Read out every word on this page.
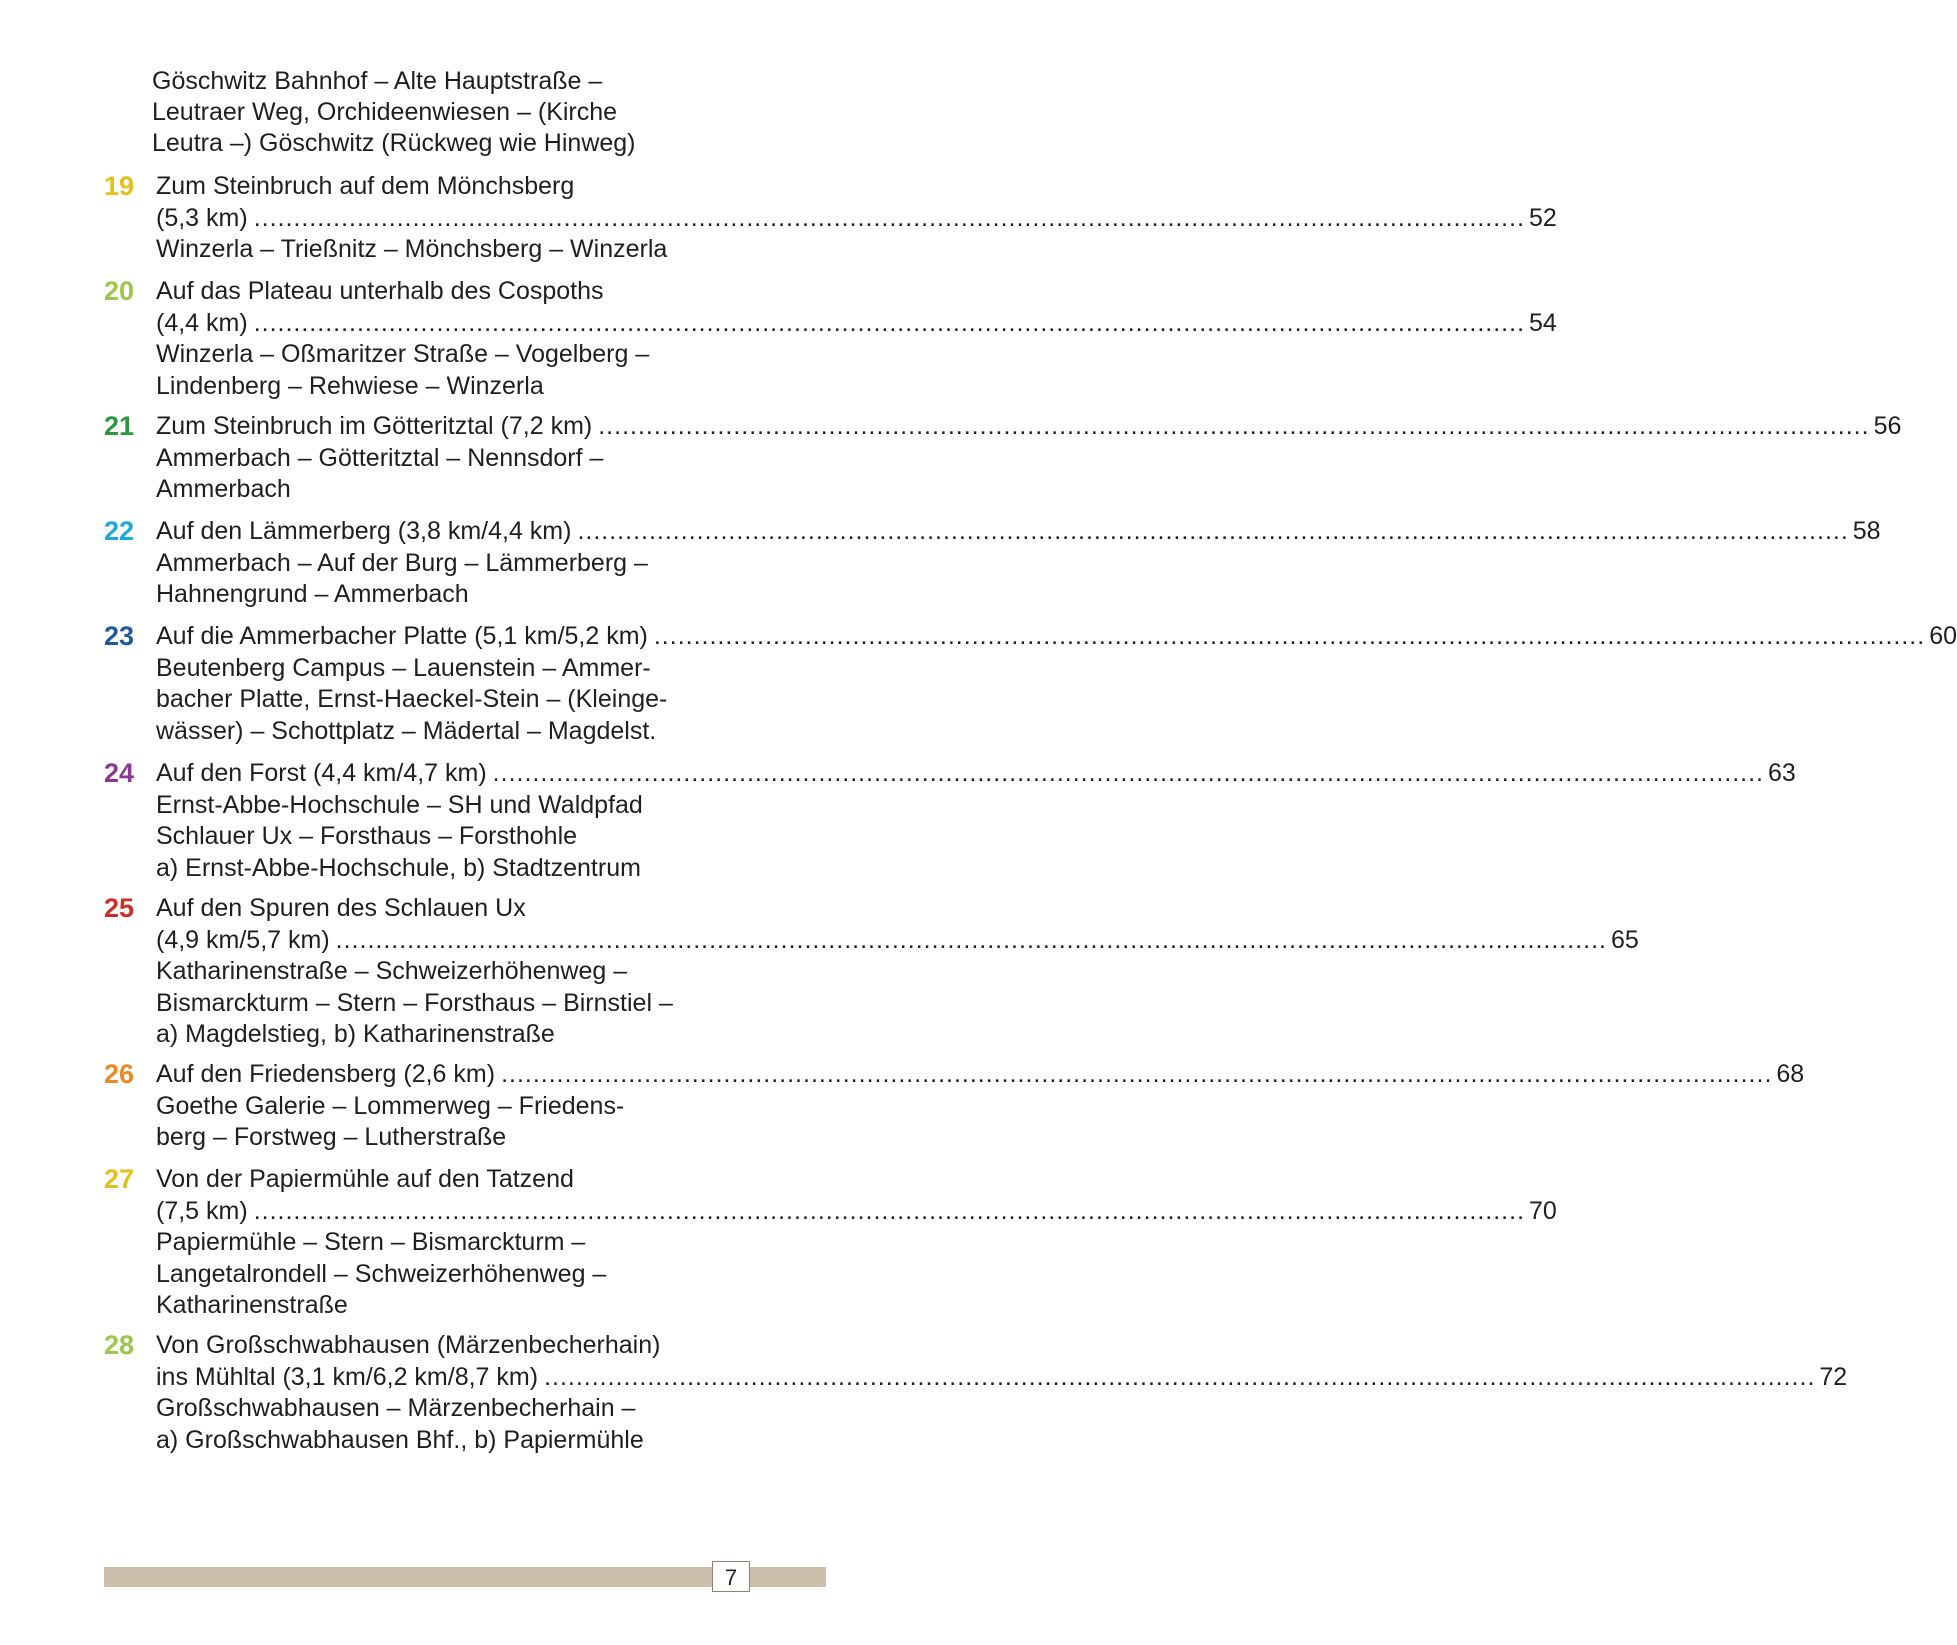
Göschwitz Bahnhof – Alte Hauptstraße –
Leutraer Weg, Orchideenwiesen – (Kirche
Leutra –) Göschwitz (Rückweg wie Hinweg)
19 Zum Steinbruch auf dem Mönchsberg
(5,3 km) ................................................................................................................................................................ 52
Winzerla – Trießnitz – Mönchsberg – Winzerla
20 Auf das Plateau unterhalb des Cospoths
(4,4 km) ................................................................................................................................................................ 54
Winzerla – Oßmaritzer Straße – Vogelberg –
Lindenberg – Rehwiese – Winzerla
21 Zum Steinbruch im Götteritztal (7,2 km) ................................................................................................................................................................ 56
Ammerbach – Götteritztal – Nennsdorf –
Ammerbach
22 Auf den Lämmerberg (3,8 km/4,4 km) ................................................................................................................................................................ 58
Ammerbach – Auf der Burg – Lämmerberg –
Hahnengrund – Ammerbach
23 Auf die Ammerbacher Platte (5,1 km/5,2 km) ................................................................................................................................................................ 60
Beutenberg Campus – Lauenstein – Ammer-
bacher Platte, Ernst-Haeckel-Stein – (Kleinge-
wässer) – Schottplatz – Mädertal – Magdelst.
24 Auf den Forst (4,4 km/4,7 km) ................................................................................................................................................................ 63
Ernst-Abbe-Hochschule – SH und Waldpfad
Schlauer Ux – Forsthaus – Forsthohle
a) Ernst-Abbe-Hochschule, b) Stadtzentrum
25 Auf den Spuren des Schlauen Ux
(4,9 km/5,7 km) ................................................................................................................................................................ 65
Katharinenstraße – Schweizerhöhenweg –
Bismarckturm – Stern – Forsthaus – Birnstiel –
a) Magdelstieg, b) Katharinenstraße
26 Auf den Friedensberg (2,6 km) ................................................................................................................................................................ 68
Goethe Galerie – Lommerweg – Friedens-
berg – Forstweg – Lutherstraße
27 Von der Papiermühle auf den Tatzend
(7,5 km) ................................................................................................................................................................ 70
Papiermühle – Stern – Bismarckturm –
Langetalrondell – Schweizerhöhenweg –
Katharinenstraße
28 Von Großschwabhausen (Märzenbecherhain)
ins Mühltal (3,1 km/6,2 km/8,7 km) ................................................................................................................................................................ 72
Großschwabhausen – Märzenbecherhain –
a) Großschwabhausen Bhf., b) Papiermühle
7
